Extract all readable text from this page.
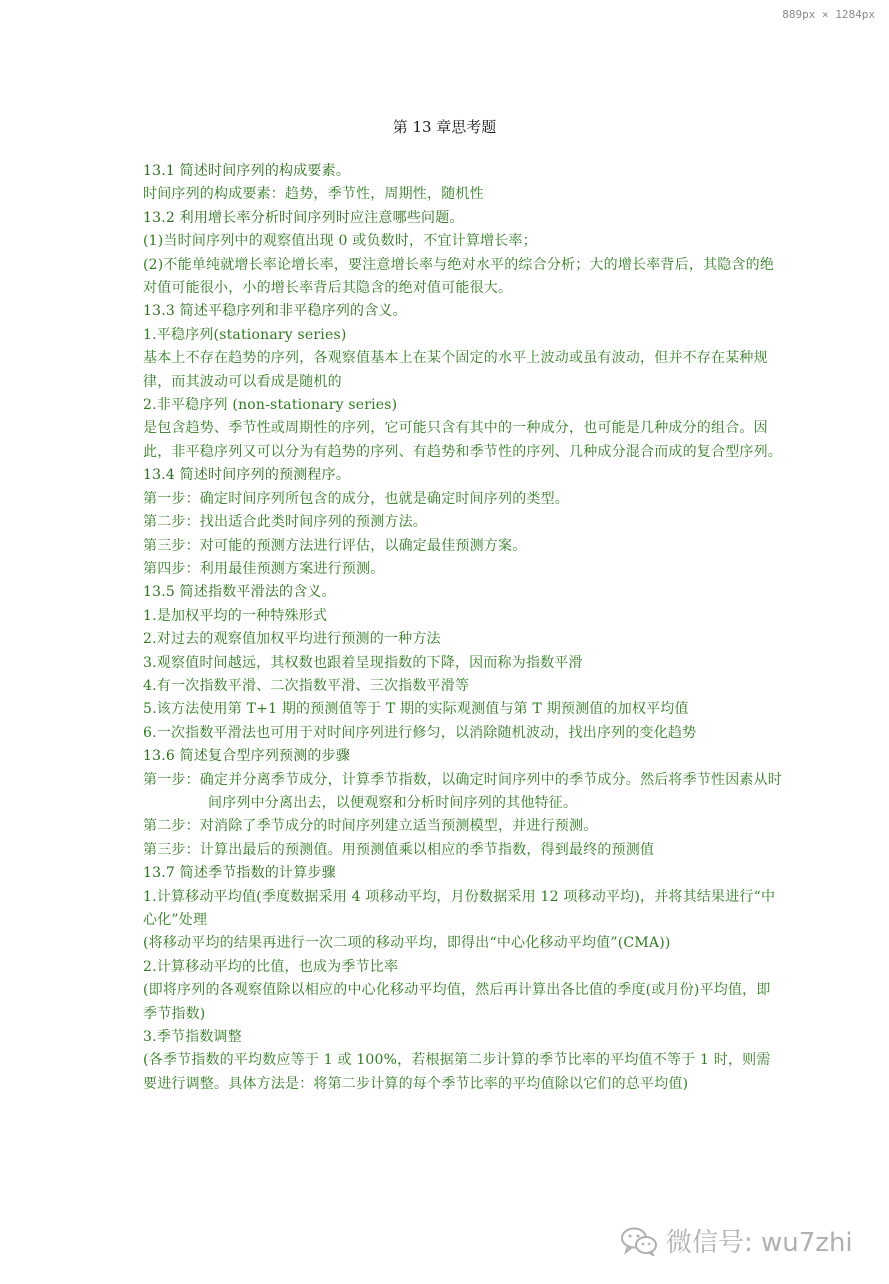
889px × 1284px
第 13 章思考题

13.1 简述时间序列的构成要素。

时间序列的构成要素：趋势，季节性，周期性，随机性

13.2 利用增长率分析时间序列时应注意哪些问题。

(1)当时间序列中的观察值出现 0 或负数时，不宜计算增长率；

(2)不能单纯就增长率论增长率，要注意增长率与绝对水平的综合分析；大的增长率背后，其隐含的绝对值可能很小，小的增长率背后其隐含的绝对值可能很大。

13.3 简述平稳序列和非平稳序列的含义。

1.平稳序列(stationary series)

基本上不存在趋势的序列，各观察值基本上在某个固定的水平上波动或虽有波动，但并不存在某种规律，而其波动可以看成是随机的

2.非平稳序列 (non-stationary series)

是包含趋势、季节性或周期性的序列，它可能只含有其中的一种成分，也可能是几种成分的组合。因此，非平稳序列又可以分为有趋势的序列、有趋势和季节性的序列、几种成分混合而成的复合型序列。

13.4 简述时间序列的预测程序。

第一步：确定时间序列所包含的成分，也就是确定时间序列的类型。

第二步：找出适合此类时间序列的预测方法。

第三步：对可能的预测方法进行评估，以确定最佳预测方案。

第四步：利用最佳预测方案进行预测。

13.5 简述指数平滑法的含义。

1.是加权平均的一种特殊形式

2.对过去的观察值加权平均进行预测的一种方法

3.观察值时间越远，其权数也跟着呈现指数的下降，因而称为指数平滑

4.有一次指数平滑、二次指数平滑、三次指数平滑等

5.该方法使用第 T+1 期的预测值等于 T 期的实际观测值与第 T 期预测值的加权平均值

6.一次指数平滑法也可用于对时间序列进行修匀，以消除随机波动，找出序列的变化趋势

13.6 简述复合型序列预测的步骤

第一步：确定并分离季节成分，计算季节指数，以确定时间序列中的季节成分。然后将季节性因素从时间序列中分离出去，以便观察和分析时间序列的其他特征。

第二步：对消除了季节成分的时间序列建立适当预测模型，并进行预测。

第三步：计算出最后的预测值。用预测值乘以相应的季节指数，得到最终的预测值

13.7 简述季节指数的计算步骤

1.计算移动平均值(季度数据采用 4 项移动平均，月份数据采用 12 项移动平均)，并将其结果进行“中心化”处理

(将移动平均的结果再进行一次二项的移动平均，即得出“中心化移动平均值”(CMA))

2.计算移动平均的比值，也成为季节比率

(即将序列的各观察值除以相应的中心化移动平均值，然后再计算出各比值的季度(或月份)平均值，即季节指数)

3.季节指数调整

(各季节指数的平均数应等于 1 或 100%，若根据第二步计算的季节比率的平均值不等于 1 时，则需要进行调整。具体方法是：将第二步计算的每个季节比率的平均值除以它们的总平均值)

微信号: wu7zhi
